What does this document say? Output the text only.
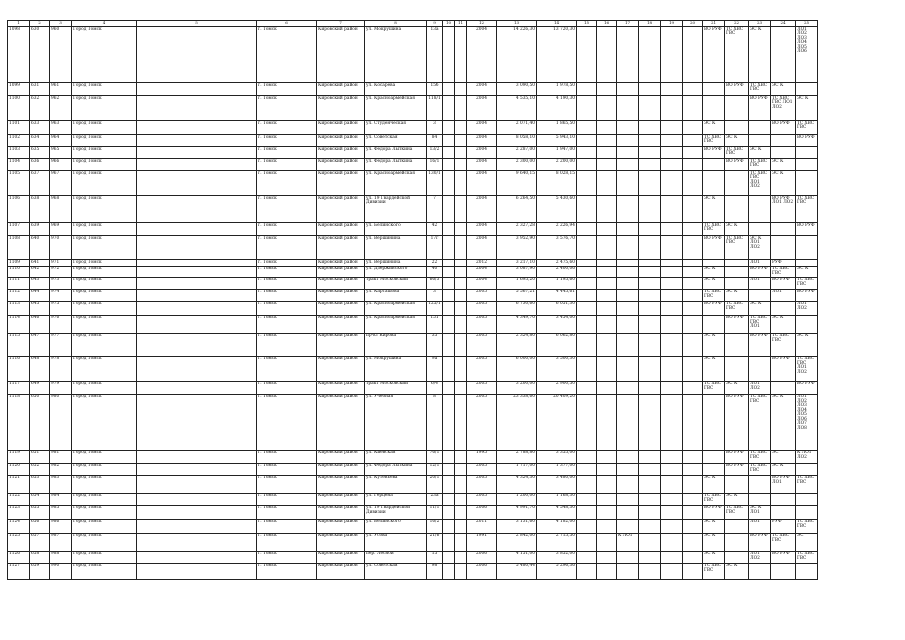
1	2	3	4	5	6	7	8	9	10	11	12	13	14	15	16	17	18	19	20	21	22	23	24	25
1098	630	960	Город Томск		г. Томск	Кировский район	ул. Мокрушина	13а			2004	14 226,30	13 720,30							ВО РУФ	ТС ХВС ГВС	ЭС К		ЛО1 ЛО2 ЛО3 ЛО4 ЛО5 ЛО6
1099	631	961	Город Томск		г. Томск	Кировский район	ул. Косарева	15б			2004	3 090,50	1 978,50								ВО РУФ	ТС ХВС ГВС	ЭС К	
1100	632	962	Город Томск		г. Томск	Кировский район	ул. Красноармейская	118/1			2004	4 535,10	4 190,30									ВО РУФ	ТС ХВС ГВС ЛО1 ЛО2	ЭС К
1101	633	963	Город Томск		г. Томск	Кировский район	ул. Студенческая	3			2004	2 071,40	1 865,50							ЭС К			ВО РУФ	ТС ХВС ГВС
1102	634	964	Город Томск		г. Томск	Кировский район	ул. Советская	84			2004	8 058,10	5 943,10							ТС ХВС ГВС	ЭС К			ВО РУФ
1103	635	965	Город Томск		г. Томск	Кировский район	ул. Фёдора Лыткина	13/2			2004	2 287,00	1 947,00							ВО РУФ	ТС ХВС ГВС	ЭС К		
1104	636	966	Город Томск		г. Томск	Кировский район	ул. Фёдора Лыткина	16/1			2004	2 300,00	2 200,00								ВО РУФ	ТС ХВС ГВС	ЭС К	
1105	637	967	Город Томск		г. Томск	Кировский район	ул. Красноармейская	130/1			2004	9 640,15	8 028,15									ТС ХВС ГВС ЛО1 ЛО2	ЭС К	
1106	638	968	Город Томск		г. Томск	Кировский район	ул. 19 Гвардейской Дивизии	7			2004	6 264,50	5 430,60							ЭС К			ВО РУФ ЛО1 ЛО2	ТС ХВС ГВС
1107	639	969	Город Томск		г. Томск	Кировский район	ул. Белинского	42			2004	2 327,28	2 226,94							ТС ХВС ГВС	ЭС К			ВО РУФ
1108	640	970	Город Томск		г. Томск	Кировский район	ул. Вершинина	17г			2004	3 952,90	3 576,70							ВО РУФ	ТС ХВС ГВС	ЭС К ЛО1 ЛО2		
1109	641	971	Город Томск		г. Томск	Кировский район	ул. Вершинина	22			2012	3 217,10	2 475,60									ЛО1	РУФ	
1110	642	972	Город Томск		г. Томск	Кировский район	ул. Дзержинского	40			2004	3 087,90	2 400,06							ЭС К		ВО РУФ	ТС ХВС ГВС	ЭС К
1111	643	973	Город Томск		г. Томск	Кировский район	тракт Московский	66/3			2004	1 695,20	1 195,60							ЭС К		ЛО1	ВО РУФ	ТС ХВС ГВС
1112	644	974	Город Томск		г. Томск	Кировский район	ул. Карташова	3			2005	5 567,21	4 445,61							ТС ХВС ГВС	ЭС К		ЛО1	ВО РУФ
1113	645	975	Город Томск		г. Томск	Кировский район	ул. Красноармейская	125/1			2005	6 730,60	6 051,30							ВО РУФ	ТС ХВС ГВС	ЭС К		ЛО1 ЛО2
1114	646	976	Город Томск		г. Томск	Кировский район	ул. Красноармейская	151			2005	4 349,70	3 454,00								ВО РУФ	ТС ХВС ГВС ЛО1	ЭС К	
1115	647	977	Город Томск		г. Томск	Кировский район	пр-кт Кирова	35			2005	2 324,80	6 062,80							ЭС К		ВО РУФ	ТС ХВС ГВС	ЭС К
1116	648	978	Город Томск		г. Томск	Кировский район	ул. Мокрушина	9а			2005	6 000,00	3 500,30							ЭС К			ВО РУФ	ТС ХВС ГВС ЛО1 ЛО2
1117	649	979	Город Томск		г. Томск	Кировский район	тракт Московский	6/4			2005	3 200,00	2 900,50							ТС ХВС ГВС	ЭС К	ЛО1 ЛО2		ВО РУФ
1118	650	980	Город Томск		г. Томск	Кировский район	ул. Учебная	8			2005	23 338,60	20 409,20								ВО РУФ	ТС ХВС ГВС	ЭС К	ЛО1 ЛО2 ЛО3 ЛО4 ЛО5 ЛО6 ЛО7 ЛО8
1119	651	981	Город Томск		г. Томск	Кировский район	ул. Киевская	76/1			1995	2 788,80	3 355,00								ВО РУФ	ТС ХВС ГВС	ЭС	К ЛО1 ЛО2
1120	652	982	Город Томск		г. Томск	Кировский район	ул. Фёдора Лыткина	12/1			2005	1 717,00	1 377,00								ВО РУФ	ТС ХВС ГВС	ЭС К	
1121	653	983	Город Томск		г. Томск	Кировский район	ул. Кутеньева	20/1			2005	4 324,30	3 480,00							ЭС К			ВО РУФ ЛО1	ТС ХВС ГВС
1122	654	984	Город Томск		г. Томск	Кировский район	ул. Герцена	23а			2005	1 200,00	1 168,30							ТС ХВС ГВС	ЭС К			
1123	655	985	Город Томск		г. Томск	Кировский район	ул. 19 Гвардейской Дивизии	11/1			2006	4 991,70	4 548,30							ВО РУФ	ТС ХВС ГВС	ЭС К ЛО1		
1124	656	986	Город Томск		г. Томск	Кировский район	ул. Белинского	16/2			2011	3 131,60	4 182,00							ЭС К		ЛО1	РУФ	ТС ХВС ГВС
1125	657	987	Город Томск		г. Томск	Кировский район	ул. Усова	21/6			1991	2 842,00	2 715,50			К ЛО1				ЭС К		ВО РУФ	ТС ХВС ГВС	ЭС
1126	658	988	Город Томск		г. Томск	Кировский район	пер. Лесной	15			2006	4 151,00	3 852,00							ЭС К		ЛО1 ЛО2	ВО РУФ	ТС ХВС ГВС
1127	659	990	Город Томск		г. Томск	Кировский район	ул. Советская	98			2006	5 480,44	5 296,36							ТС ХВС ГВС	ЭС К			
